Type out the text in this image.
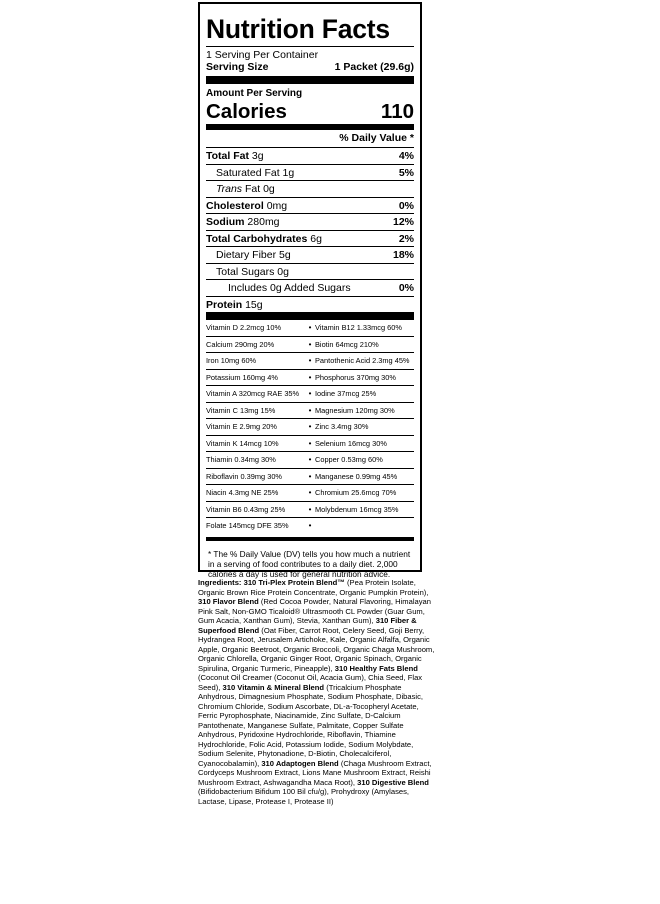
Nutrition Facts
1 Serving Per Container
Serving Size	1 Packet (29.6g)
Amount Per Serving
Calories	110
% Daily Value *
Total Fat 3g	4%
Saturated Fat 1g	5%
Trans Fat 0g
Cholesterol 0mg	0%
Sodium 280mg	12%
Total Carbohydrates 6g	2%
Dietary Fiber 5g	18%
Total Sugars 0g
Includes 0g Added Sugars	0%
Protein 15g
Vitamin D 2.2mcg 10%	• Vitamin B12 1.33mcg 60%
Calcium 290mg 20%	• Biotin 64mcg 210%
Iron 10mg 60%	• Pantothenic Acid 2.3mg 45%
Potassium 160mg 4%	• Phosphorus 370mg 30%
Vitamin A 320mcg RAE 35%	• Iodine 37mcg 25%
Vitamin C 13mg 15%	• Magnesium 120mg 30%
Vitamin E 2.9mg 20%	• Zinc 3.4mg 30%
Vitamin K 14mcg 10%	• Selenium 16mcg 30%
Thiamin 0.34mg 30%	• Copper 0.53mg 60%
Riboflavin 0.39mg 30%	• Manganese 0.99mg 45%
Niacin 4.3mg NE 25%	• Chromium 25.6mcg 70%
Vitamin B6 0.43mg 25%	• Molybdenum 16mcg 35%
Folate 145mcg DFE 35%	•
* The % Daily Value (DV) tells you how much a nutrient in a serving of food contributes to a daily diet. 2,000 calories a day is used for general nutrition advice.
Ingredients: 310 Tri-Plex Protein Blend™ (Pea Protein Isolate, Organic Brown Rice Protein Concentrate, Organic Pumpkin Protein), 310 Flavor Blend (Red Cocoa Powder, Natural Flavoring, Himalayan Pink Salt, Non-GMO Ticaloid® Ultrasmooth CL Powder (Guar Gum, Gum Acacia, Xanthan Gum), Stevia, Xanthan Gum), 310 Fiber & Superfood Blend (Oat Fiber, Carrot Root, Celery Seed, Goji Berry, Hydrangea Root, Jerusalem Artichoke, Kale, Organic Alfalfa, Organic Apple, Organic Beetroot, Organic Broccoli, Organic Chaga Mushroom, Organic Chlorella, Organic Ginger Root, Organic Spinach, Organic Spirulina, Organic Turmeric, Pineapple), 310 Healthy Fats Blend (Coconut Oil Creamer (Coconut Oil, Acacia Gum), Chia Seed, Flax Seed), 310 Vitamin & Mineral Blend (Tricalcium Phosphate Anhydrous, Dimagnesium Phosphate, Sodium Phosphate, Dibasic, Chromium Chloride, Sodium Ascorbate, DL-a-Tocopheryl Acetate, Ferric Pyrophosphate, Niacinamide, Zinc Sulfate, D-Calcium Pantothenate, Manganese Sulfate, Palmitate, Copper Sulfate Anhydrous, Pyridoxine Hydrochloride, Riboflavin, Thiamine Hydrochloride, Folic Acid, Potassium Iodide, Sodium Molybdate, Sodium Selenite, Phytonadione, D-Biotin, Cholecalciferol, Cyanocobalamin), 310 Adaptogen Blend (Chaga Mushroom Extract, Cordyceps Mushroom Extract, Lions Mane Mushroom Extract, Reishi Mushroom Extract, Ashwagandha Maca Root), 310 Digestive Blend (Bifidobacterium Bifidum 100 Bil cfu/g), Prohydroxy (Amylases, Lactase, Lipase, Protease I, Protease II)
